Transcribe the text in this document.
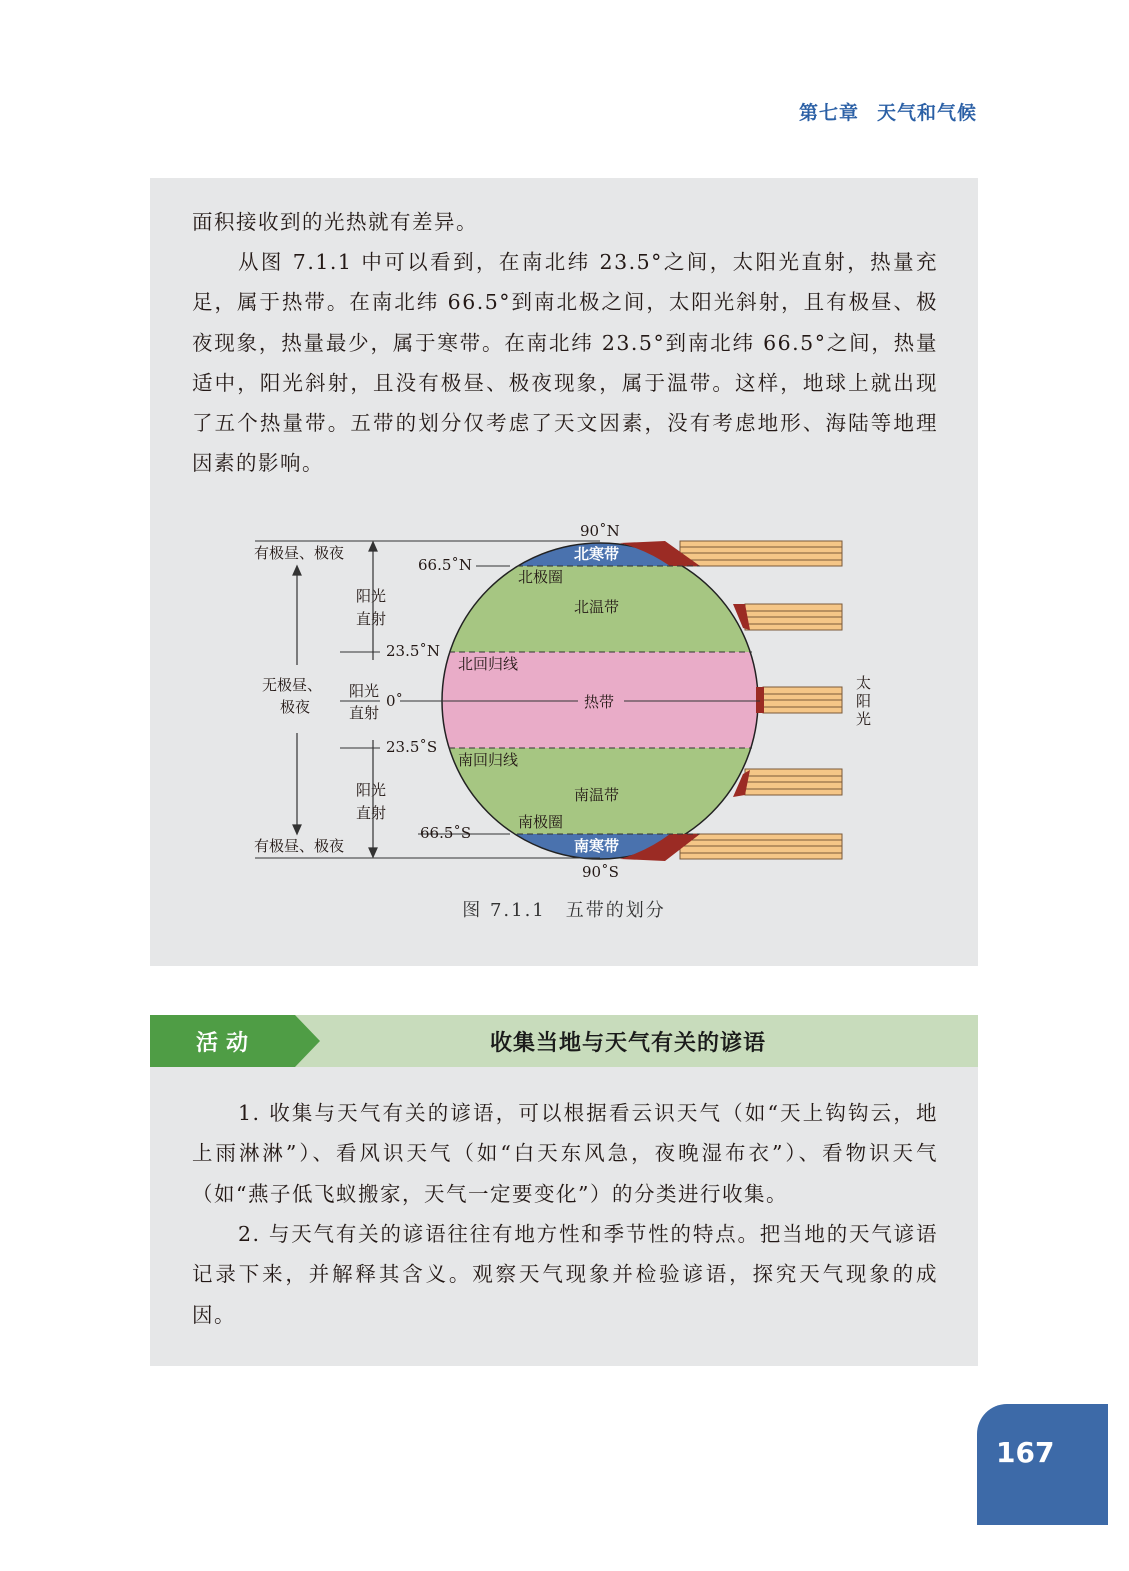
第七章 天气和气候

面积接收到的光热就有差异。

从图 7.1.1 中可以看到，在南北纬 23.5°之间，太阳光直射，热量充足，属于热带。在南北纬 66.5°到南北极之间，太阳光斜射，且有极昼、极夜现象，热量最少，属于寒带。在南北纬 23.5°到南北纬 66.5°之间，热量适中，阳光斜射，且没有极昼、极夜现象，属于温带。这样，地球上就出现了五个热量带。五带的划分仅考虑了天文因素，没有考虑地形、海陆等地理因素的影响。

90˚N
90˚S
66.5˚N
23.5˚N
0˚
23.5˚S
66.5˚S
有极昼、极夜
有极昼、极夜
无极昼、
极夜
阳光
直射
阳光
直射
阳光
直射
北极圈
北温带
北回归线
热带
南回归线
南温带
南极圈
太
阳
光
北寒带
南寒带
图 7.1.1　五带的划分
活动	收集当地与天气有关的谚语

1. 收集与天气有关的谚语，可以根据看云识天气（如“天上钩钩云，地上雨淋淋”）、看风识天气（如“白天东风急，夜晚湿布衣”）、看物识天气（如“燕子低飞蚁搬家，天气一定要变化”）的分类进行收集。

2. 与天气有关的谚语往往有地方性和季节性的特点。把当地的天气谚语记录下来，并解释其含义。观察天气现象并检验谚语，探究天气现象的成因。

167
